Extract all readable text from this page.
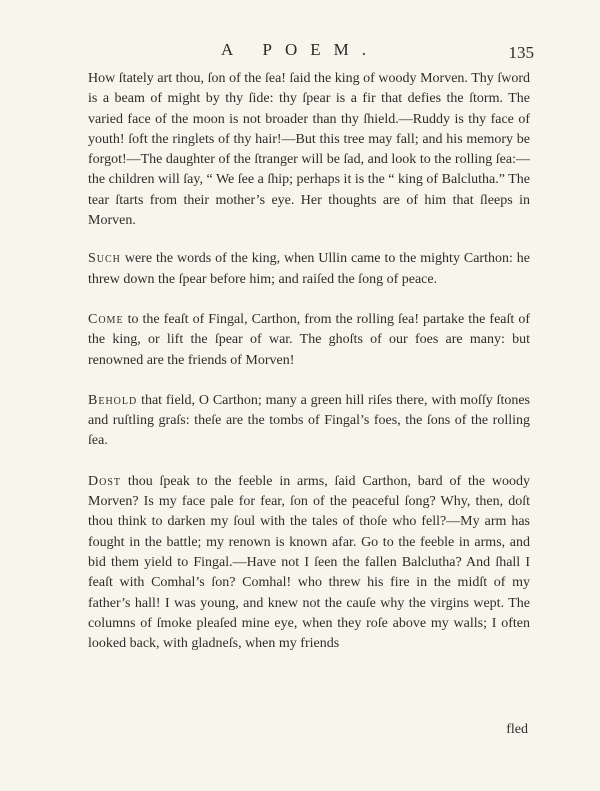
A POEM.	135

How ſtately art thou, ſon of the ſea! ſaid the king of woody Morven. Thy ſword is a beam of might by thy ſide: thy ſpear is a fir that defies the ſtorm. The varied face of the moon is not broader than thy ſhield.—Ruddy is thy face of youth! ſoft the ringlets of thy hair!—But this tree may fall; and his memory be forgot!—The daughter of the ſtranger will be ſad, and look to the rolling ſea:—the children will ſay, “ We ſee a ſhip; perhaps it is the “ king of Balclutha.” The tear ſtarts from their mother’s eye. Her thoughts are of him that ſleeps in Morven.

Such were the words of the king, when Ullin came to the mighty Carthon: he threw down the ſpear before him; and raiſed the ſong of peace.

Come to the feaſt of Fingal, Carthon, from the rolling ſea! partake the feaſt of the king, or lift the ſpear of war. The ghoſts of our foes are many: but renowned are the friends of Morven!

Behold that field, O Carthon; many a green hill riſes there, with moſſy ſtones and ruſtling graſs: theſe are the tombs of Fingal’s foes, the ſons of the rolling ſea.

Dost thou ſpeak to the feeble in arms, ſaid Carthon, bard of the woody Morven? Is my face pale for fear, ſon of the peaceful ſong? Why, then, doſt thou think to darken my ſoul with the tales of thoſe who fell?—My arm has fought in the battle; my renown is known afar. Go to the feeble in arms, and bid them yield to Fingal.—Have not I ſeen the fallen Balclutha? And ſhall I feaſt with Comhal’s ſon? Comhal! who threw his fire in the midſt of my father’s hall! I was young, and knew not the cauſe why the virgins wept. The columns of ſmoke pleaſed mine eye, when they roſe above my walls; I often looked back, with gladneſs, when my friends

fled
